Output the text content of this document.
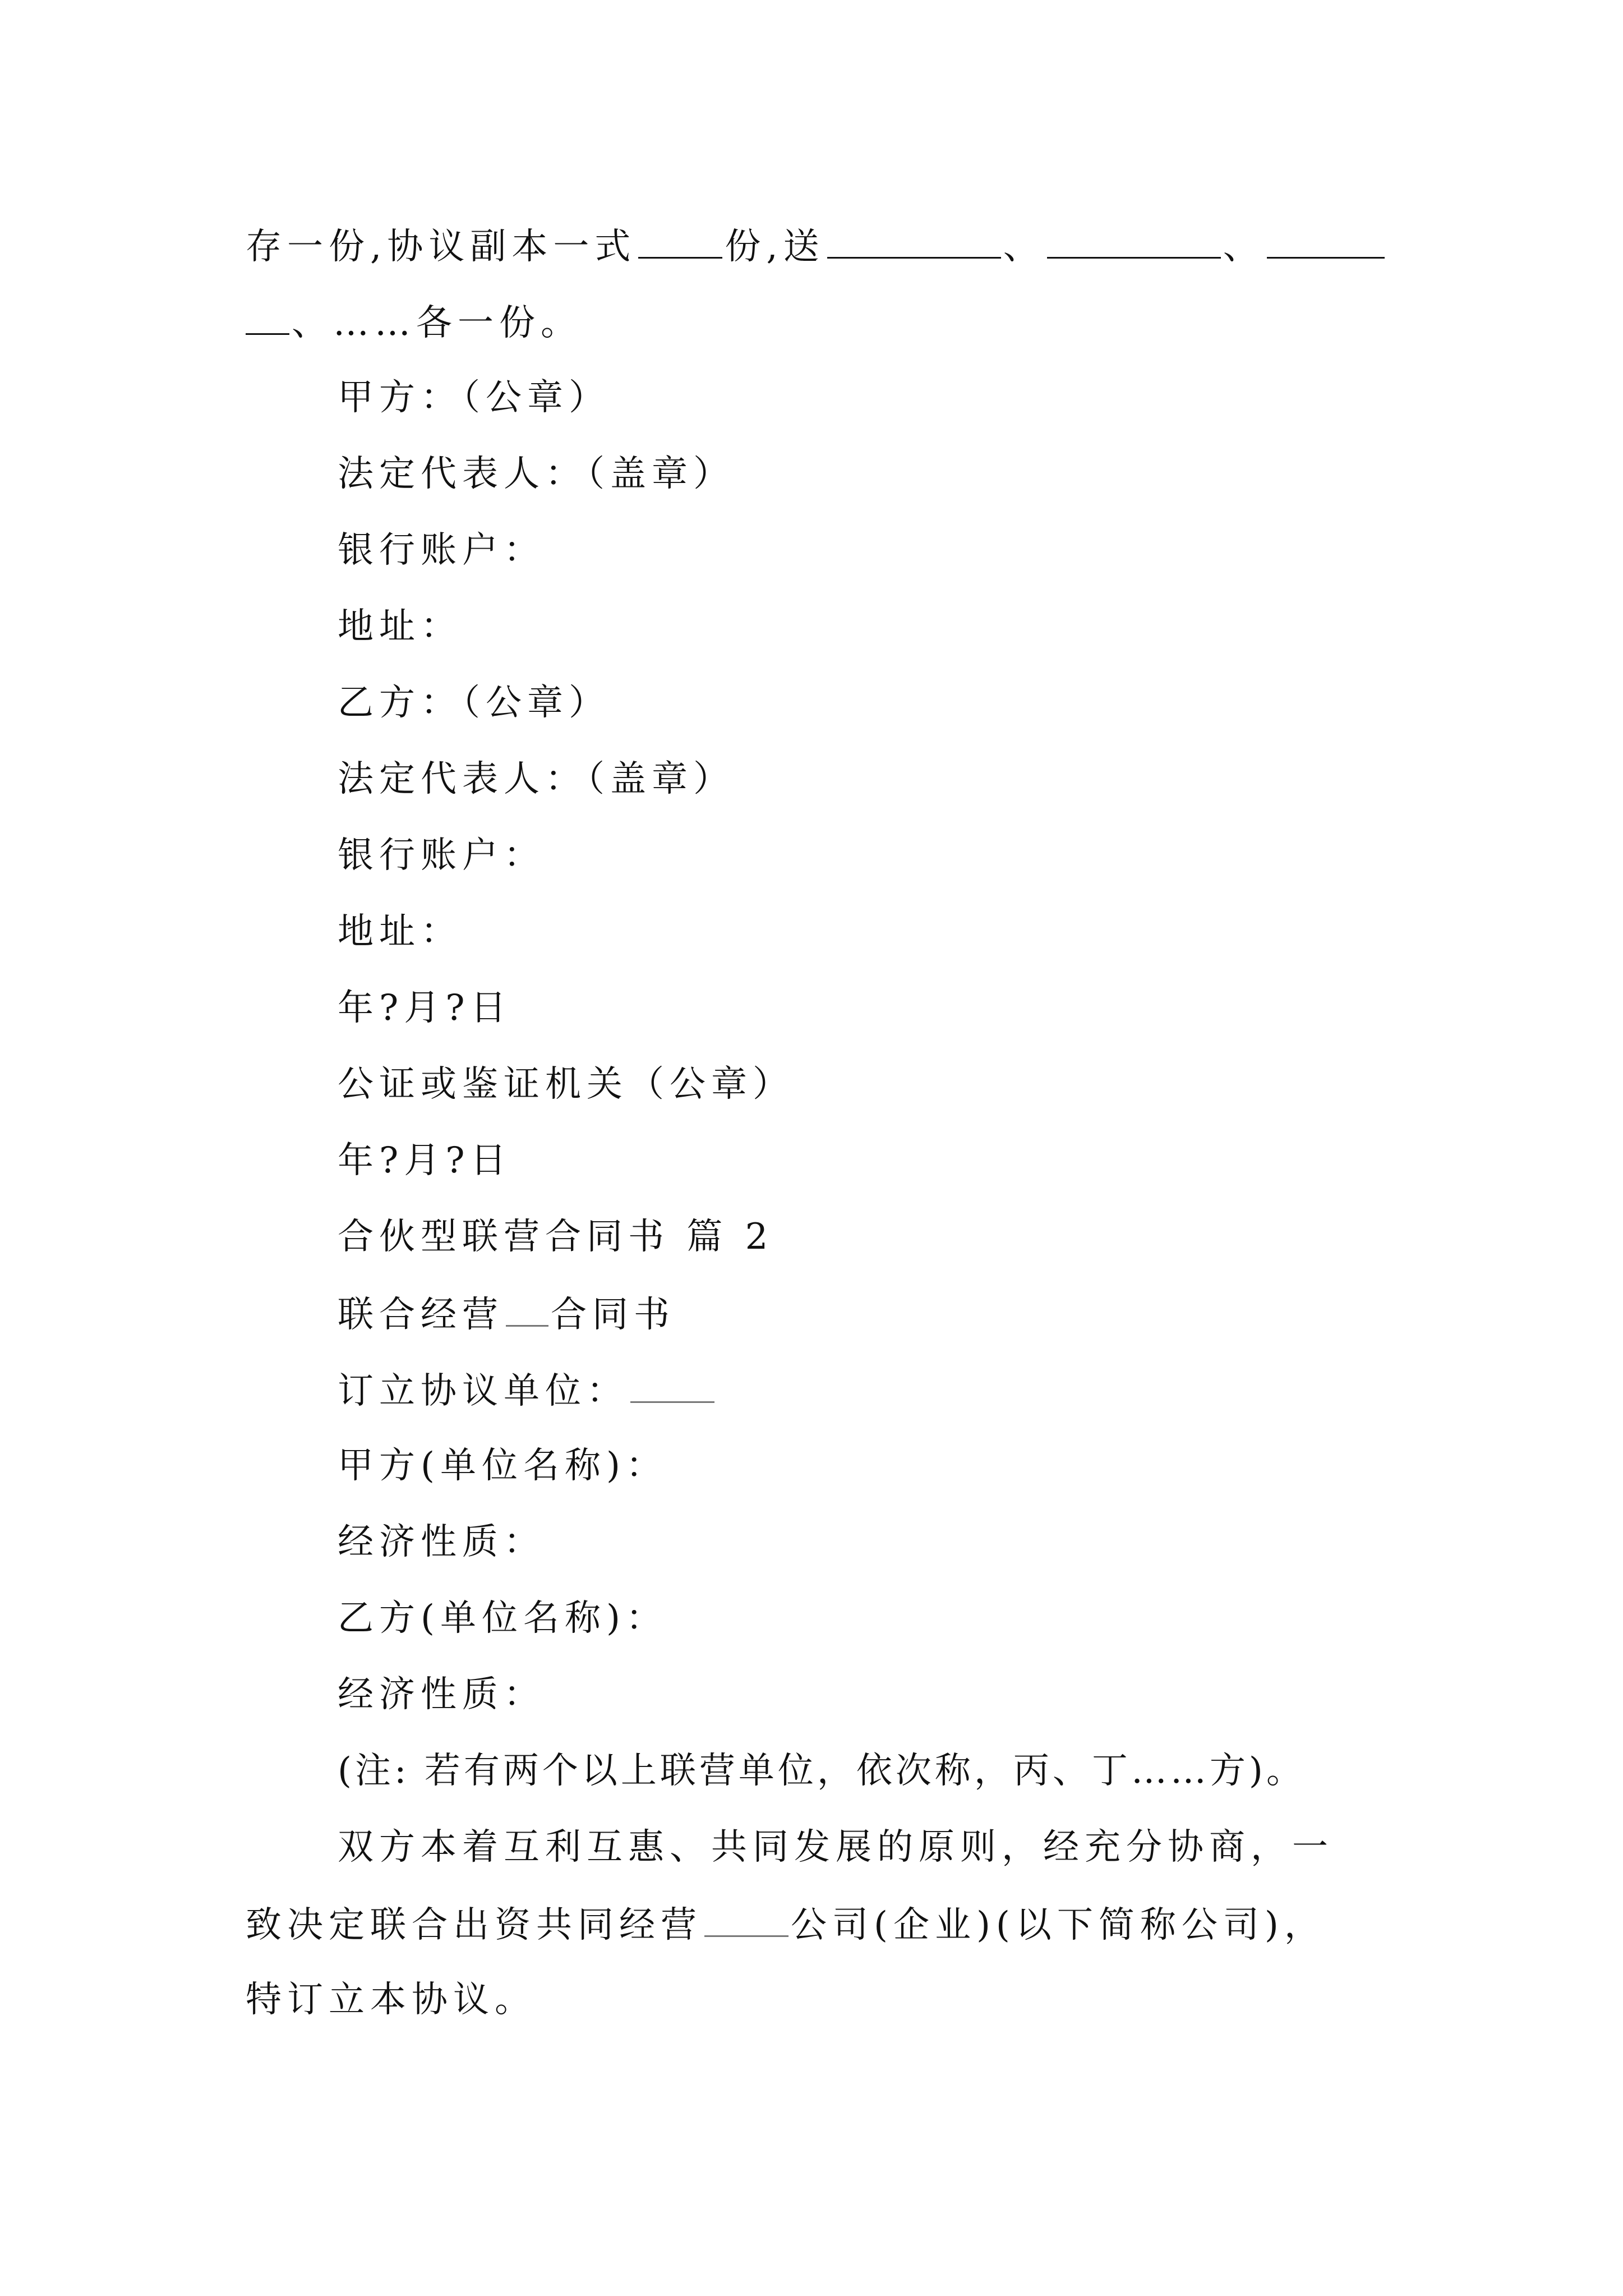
存一份,协议副本一式 份,送	、	、
、……各一份。
甲方：（公章）
法定代表人：（盖章）
银行账户：
地址：
乙方：（公章）
法定代表人：（盖章）
银行账户：
地址：
年?月?日
公证或鉴证机关（公章）
年?月?日
合伙型联营合同书 篇 2
联合经营 合同书
订立协议单位：
甲方(单位名称)：
经济性质：
乙方(单位名称)：
经济性质：
(注: 若有两个以上联营单位，依次称，丙、丁……方)。
双方本着互利互惠、共同发展的原则，经充分协商，一
致决定联合出资共同经营 公司(企业)(以下简称公司)，
特订立本协议。
